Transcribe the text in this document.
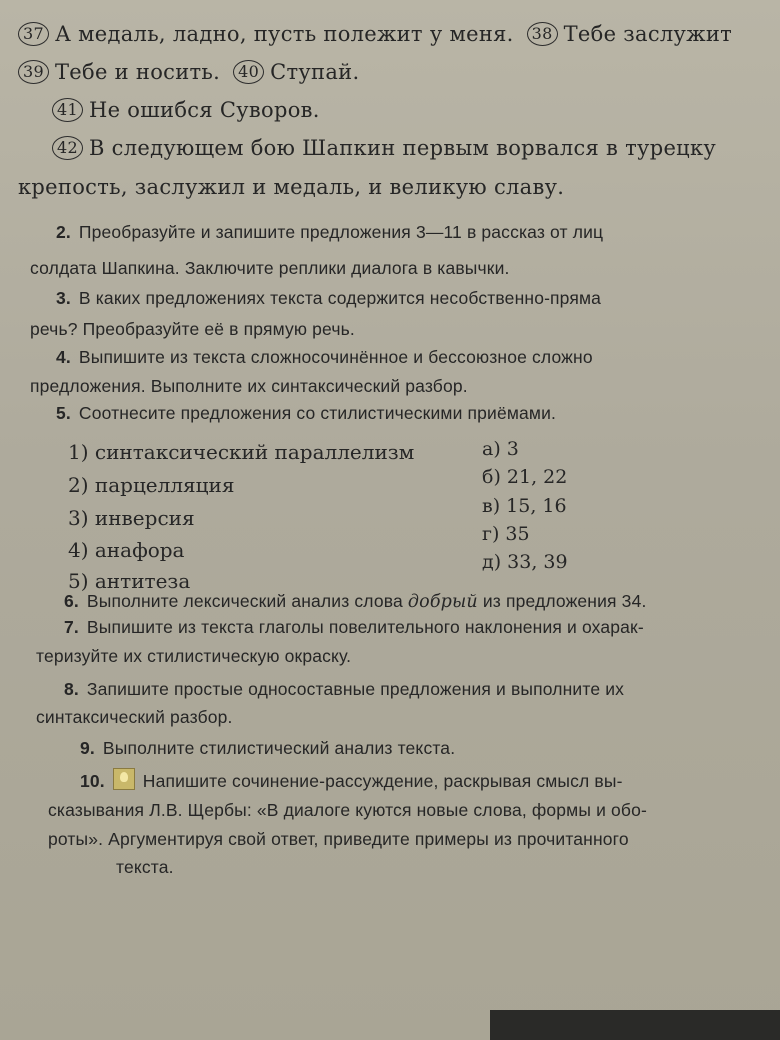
37 А медаль, ладно, пусть полежит у меня. 38 Тебе заслужит
39 Тебе и носить. 40 Ступай.
41 Не ошибся Суворов.
42 В следующем бою Шапкин первым ворвался в турецку
крепость, заслужил и медаль, и великую славу.
2. Преобразуйте и запишите предложения 3—11 в рассказ от лиц
солдата Шапкина. Заключите реплики диалога в кавычки.
3. В каких предложениях текста содержится несобственно-пряма
речь? Преобразуйте её в прямую речь.
4. Выпишите из текста сложносочинённое и бессоюзное сложно
предложения. Выполните их синтаксический разбор.
5. Соотнесите предложения со стилистическими приёмами.
1) синтаксический параллелизм
2) парцелляция
3) инверсия
4) анафора
5) антитеза
а) 3
б) 21, 22
в) 15, 16
г) 35
д) 33, 39
6. Выполните лексический анализ слова добрый из предложения 34.
7. Выпишите из текста глаголы повелительного наклонения и охарак-
теризуйте их стилистическую окраску.
8. Запишите простые односоставные предложения и выполните их
синтаксический разбор.
9. Выполните стилистический анализ текста.
10. Напишите сочинение-рассуждение, раскрывая смысл вы-
сказывания Л.В. Щербы: «В диалоге куются новые слова, формы и обо-
роты». Аргументируя свой ответ, приведите примеры из прочитанного
текста.
